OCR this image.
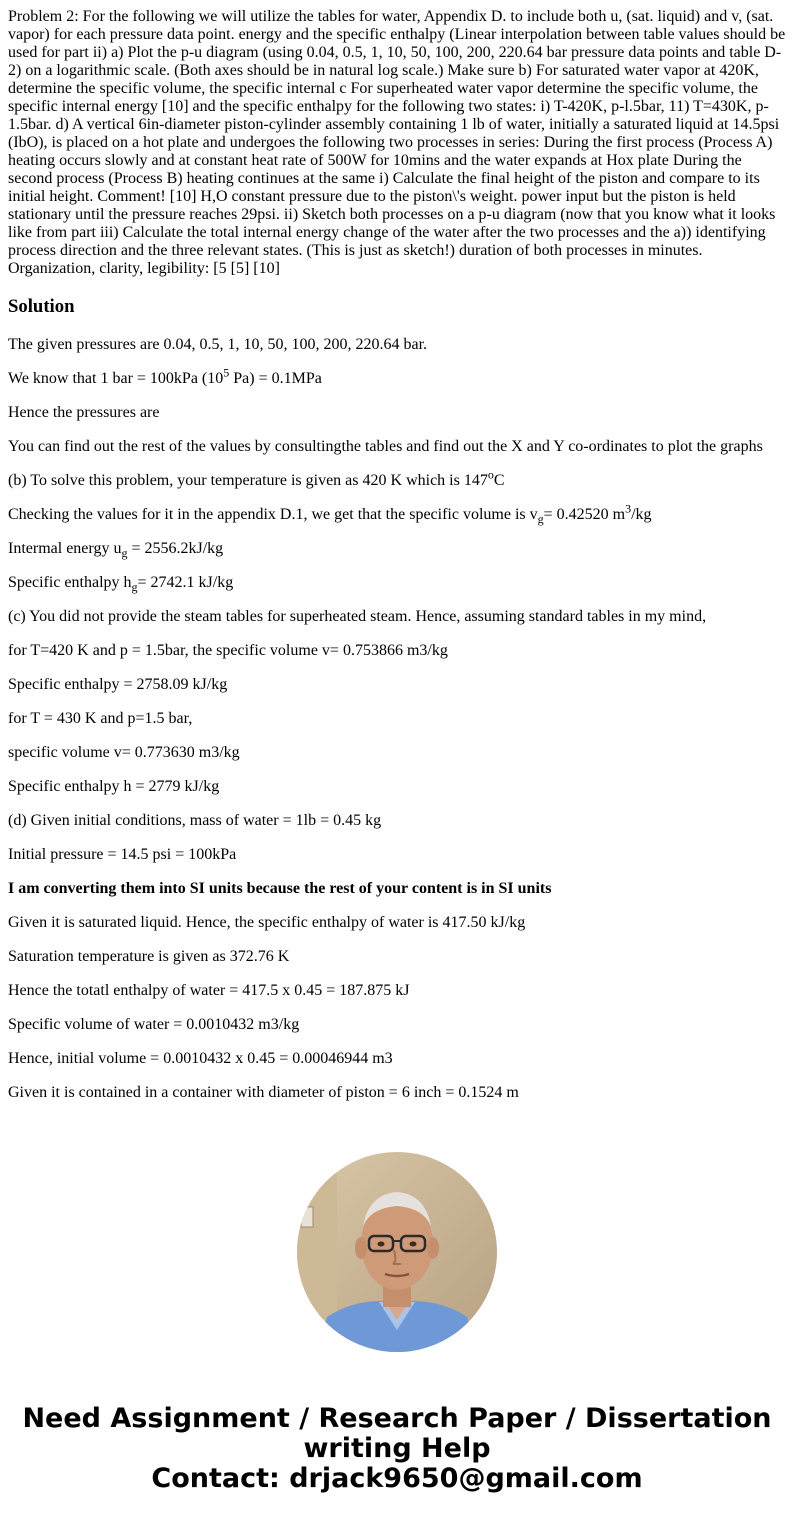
Problem 2: For the following we will utilize the tables for water, Appendix D. to include both u, (sat. liquid) and v, (sat. vapor) for each pressure data point. energy and the specific enthalpy (Linear interpolation between table values should be used for part ii) a) Plot the p-u diagram (using 0.04, 0.5, 1, 10, 50, 100, 200, 220.64 bar pressure data points and table D-2) on a logarithmic scale. (Both axes should be in natural log scale.) Make sure b) For saturated water vapor at 420K, determine the specific volume, the specific internal c For superheated water vapor determine the specific volume, the specific internal energy [10] and the specific enthalpy for the following two states: i) T-420K, p-l.5bar, 11) T=430K, p-1.5bar. d) A vertical 6in-diameter piston-cylinder assembly containing 1 lb of water, initially a saturated liquid at 14.5psi (IbO), is placed on a hot plate and undergoes the following two processes in series: During the first process (Process A) heating occurs slowly and at constant heat rate of 500W for 10mins and the water expands at Hox plate During the second process (Process B) heating continues at the same i) Calculate the final height of the piston and compare to its initial height. Comment! [10] H,O constant pressure due to the piston\'s weight. power input but the piston is held stationary until the pressure reaches 29psi. ii) Sketch both processes on a p-u diagram (now that you know what it looks like from part iii) Calculate the total internal energy change of the water after the two processes and the a)) identifying process direction and the three relevant states. (This is just as sketch!) duration of both processes in minutes. Organization, clarity, legibility: [5 [5] [10]
Solution

The given pressures are 0.04, 0.5, 1, 10, 50, 100, 200, 220.64 bar.

We know that 1 bar = 100kPa ($10^5$ Pa) = 0.1MPa

Hence the pressures are

You can find out the rest of the values by consultingthe tables and find out the X and Y co-ordinates to plot the graphs

(b) To solve this problem, your temperature is given as 420 K which is 147$^o$C

Checking the values for it in the appendix D.1, we get that the specific volume is $v_g= 0.42520$ $m^3/kg$

Intermal energy $u_g = 2556.2kJ/kg$

Specific enthalpy $h_g= 2742.1$ kJ/kg

(c) You did not provide the steam tables for superheated steam. Hence, assuming standard tables in my mind,

for T=420 K and p = 1.5bar, the specific volume v= 0.753866 m3/kg

Specific enthalpy = 2758.09 kJ/kg

for T = 430 K and p=1.5 bar,

specific volume v= 0.773630 m3/kg

Specific enthalpy h = 2779 kJ/kg

(d) Given initial conditions, mass of water = 1lb = 0.45 kg

Initial pressure = 14.5 psi = 100kPa

I am converting them into SI units because the rest of your content is in SI units

Given it is saturated liquid. Hence, the specific enthalpy of water is 417.50 kJ/kg

Saturation temperature is given as 372.76 K

Hence the totatl enthalpy of water = 417.5 x 0.45 = 187.875 kJ

Specific volume of water = 0.0010432 m3/kg

Hence, initial volume = 0.0010432 x 0.45 = 0.00046944 m3

Given it is contained in a container with diameter of piston = 6 inch = 0.1524 m

Need Assignment / Research Paper / Dissertation
writing Help
Contact: drjack9650@gmail.com
